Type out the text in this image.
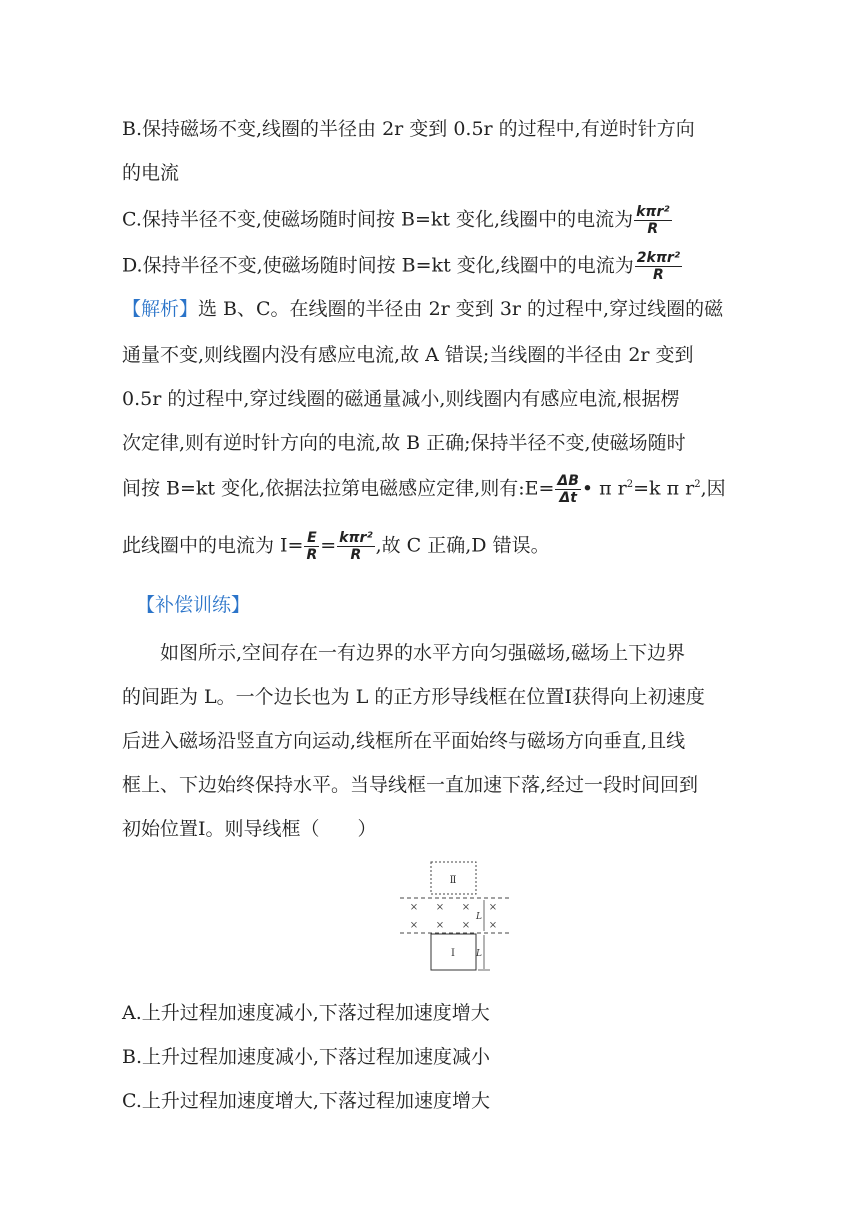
B.保持磁场不变,线圈的半径由 2r 变到 0.5r 的过程中,有逆时针方向
的电流
C.保持半径不变,使磁场随时间按 B=kt 变化,线圈中的电流为 $\frac{\text{kπr²}}{R}$
D.保持半径不变,使磁场随时间按 B=kt 变化,线圈中的电流为 $\frac{\text{2kπr²}}{R}$
【解析】选 B、C。在线圈的半径由 2r 变到 3r 的过程中,穿过线圈的磁
通量不变,则线圈内没有感应电流,故 A 错误;当线圈的半径由 2r 变到
0.5r 的过程中,穿过线圈的磁通量减小,则线圈内有感应电流,根据楞
次定律,则有逆时针方向的电流,故 B 正确;保持半径不变,使磁场随时
间按 B=kt 变化,依据法拉第电磁感应定律,则有:E= $\frac{\Delta B}{\Delta t}$ • π $r^2=k$ π $r^2$,因
此线圈中的电流为 $I= \frac{E}{R} = \frac{\text{kπr²}}{R}$ ,故 C 正确,D 错误。
【补偿训练】
如图所示,空间存在一有边界的水平方向匀强磁场,磁场上下边界
的间距为 L。一个边长也为 L 的正方形导线框在位置Ⅰ获得向上初速度
后进入磁场沿竖直方向运动,线框所在平面始终与磁场方向垂直,且线
框上、下边始终保持水平。当导线框一直加速下落,经过一段时间回到
初始位置Ⅰ。则导线框（　　）
Ⅱ
× × × ×
× × × ×
L
Ⅰ L
A.上升过程加速度减小,下落过程加速度增大
B.上升过程加速度减小,下落过程加速度减小
C.上升过程加速度增大,下落过程加速度增大
